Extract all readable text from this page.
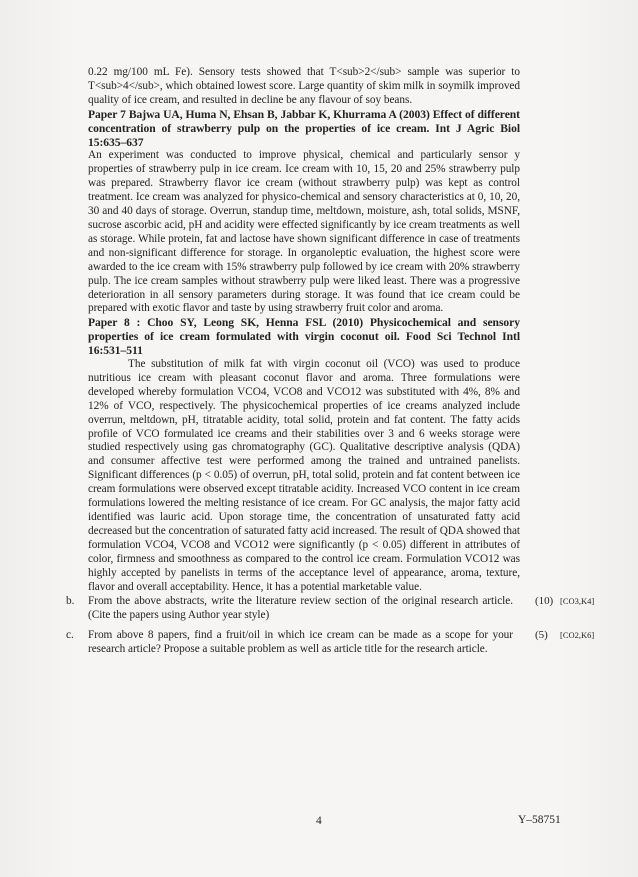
0.22 mg/100 mL Fe). Sensory tests showed that T<sub>2</sub> sample was superior to T<sub>4</sub>, which obtained lowest score. Large quantity of skim milk in soymilk improved quality of ice cream, and resulted in decline be any flavour of soy beans.

Paper 7 Bajwa UA, Huma N, Ehsan B, Jabbar K, Khurrama A (2003) Effect of different concentration of strawberry pulp on the properties of ice cream. Int J Agric Biol 15:635–637

An experiment was conducted to improve physical, chemical and particularly sensor y properties of strawberry pulp in ice cream. Ice cream with 10, 15, 20 and 25% strawberry pulp was prepared. Strawberry flavor ice cream (without strawberry pulp) was kept as control treatment. Ice cream was analyzed for physico-chemical and sensory characteristics at 0, 10, 20, 30 and 40 days of storage. Overrun, standup time, meltdown, moisture, ash, total solids, MSNF, sucrose ascorbic acid, pH and acidity were effected significantly by ice cream treatments as well as storage. While protein, fat and lactose have shown significant difference in case of treatments and non-significant difference for storage. In organoleptic evaluation, the highest score were awarded to the ice cream with 15% strawberry pulp followed by ice cream with 20% strawberry pulp. The ice cream samples without strawberry pulp were liked least. There was a progressive deterioration in all sensory parameters during storage. It was found that ice cream could be prepared with exotic flavor and taste by using strawberry fruit color and aroma.

Paper 8 : Choo SY, Leong SK, Henna FSL (2010) Physicochemical and sensory properties of ice cream formulated with virgin coconut oil. Food Sci Technol Intl 16:531–511

The substitution of milk fat with virgin coconut oil (VCO) was used to produce nutritious ice cream with pleasant coconut flavor and aroma. Three formulations were developed whereby formulation VCO4, VCO8 and VCO12 was substituted with 4%, 8% and 12% of VCO, respectively. The physicochemical properties of ice creams analyzed include overrun, meltdown, pH, titratable acidity, total solid, protein and fat content. The fatty acids profile of VCO formulated ice creams and their stabilities over 3 and 6 weeks storage were studied respectively using gas chromatography (GC). Qualitative descriptive analysis (QDA) and consumer affective test were performed among the trained and untrained panelists. Significant differences (p < 0.05) of overrun, pH, total solid, protein and fat content between ice cream formulations were observed except titratable acidity. Increased VCO content in ice cream formulations lowered the melting resistance of ice cream. For GC analysis, the major fatty acid identified was lauric acid. Upon storage time, the concentration of unsaturated fatty acid decreased but the concentration of saturated fatty acid increased. The result of QDA showed that formulation VCO4, VCO8 and VCO12 were significantly (p < 0.05) different in attributes of color, firmness and smoothness as compared to the control ice cream. Formulation VCO12 was highly accepted by panelists in terms of the acceptance level of appearance, aroma, texture, flavor and overall acceptability. Hence, it has a potential marketable value.

b. From the above abstracts, write the literature review section of the original research article. (Cite the papers using Author year style)
(10) [CO3,K4]
c. From above 8 papers, find a fruit/oil in which ice cream can be made as a scope for your research article? Propose a suitable problem as well as article title for the research article.
(5) [CO2,K6]
4	Y–58751
